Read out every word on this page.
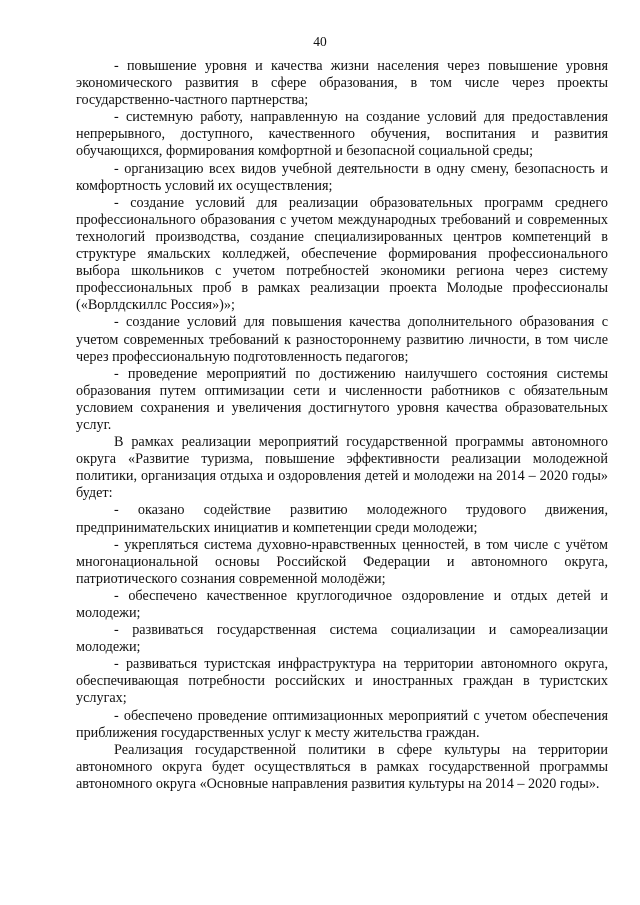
40

- повышение уровня и качества жизни населения через повышение уровня экономического развития в сфере образования, в том числе через проекты государственно-частного партнерства;

- системную работу, направленную на создание условий для предоставления непрерывного, доступного, качественного обучения, воспитания и развития обучающихся, формирования комфортной и безопасной социальной среды;

- организацию всех видов учебной деятельности в одну смену, безопасность и комфортность условий их осуществления;

- создание условий для реализации образовательных программ среднего профессионального образования с учетом международных требований и современных технологий производства, создание специализированных центров компетенций в структуре ямальских колледжей, обеспечение формирования профессионального выбора школьников с учетом потребностей экономики региона через систему профессиональных проб в рамках реализации проекта Молодые профессионалы («Ворлдскиллс Россия»)»;

- создание условий для повышения качества дополнительного образования с учетом современных требований к разностороннему развитию личности, в том числе через профессиональную подготовленность педагогов;

- проведение мероприятий по достижению наилучшего состояния системы образования путем оптимизации сети и численности работников с обязательным условием сохранения и увеличения достигнутого уровня качества образовательных услуг.

В рамках реализации мероприятий государственной программы автономного округа «Развитие туризма, повышение эффективности реализации молодежной политики, организация отдыха и оздоровления детей и молодежи на 2014 – 2020 годы» будет:

- оказано содействие развитию молодежного трудового движения, предпринимательских инициатив и компетенции среди молодежи;

- укрепляться система духовно-нравственных ценностей, в том числе с учётом многонациональной основы Российской Федерации и автономного округа, патриотического сознания современной молодёжи;

- обеспечено качественное круглогодичное оздоровление и отдых детей и молодежи;

- развиваться государственная система социализации и самореализации молодежи;

- развиваться туристская инфраструктура на территории автономного округа, обеспечивающая потребности российских и иностранных граждан в туристских услугах;

- обеспечено проведение оптимизационных мероприятий с учетом обеспечения приближения государственных услуг к месту жительства граждан.

Реализация государственной политики в сфере культуры на территории автономного округа будет осуществляться в рамках государственной программы автономного округа «Основные направления развития культуры на 2014 – 2020 годы».
